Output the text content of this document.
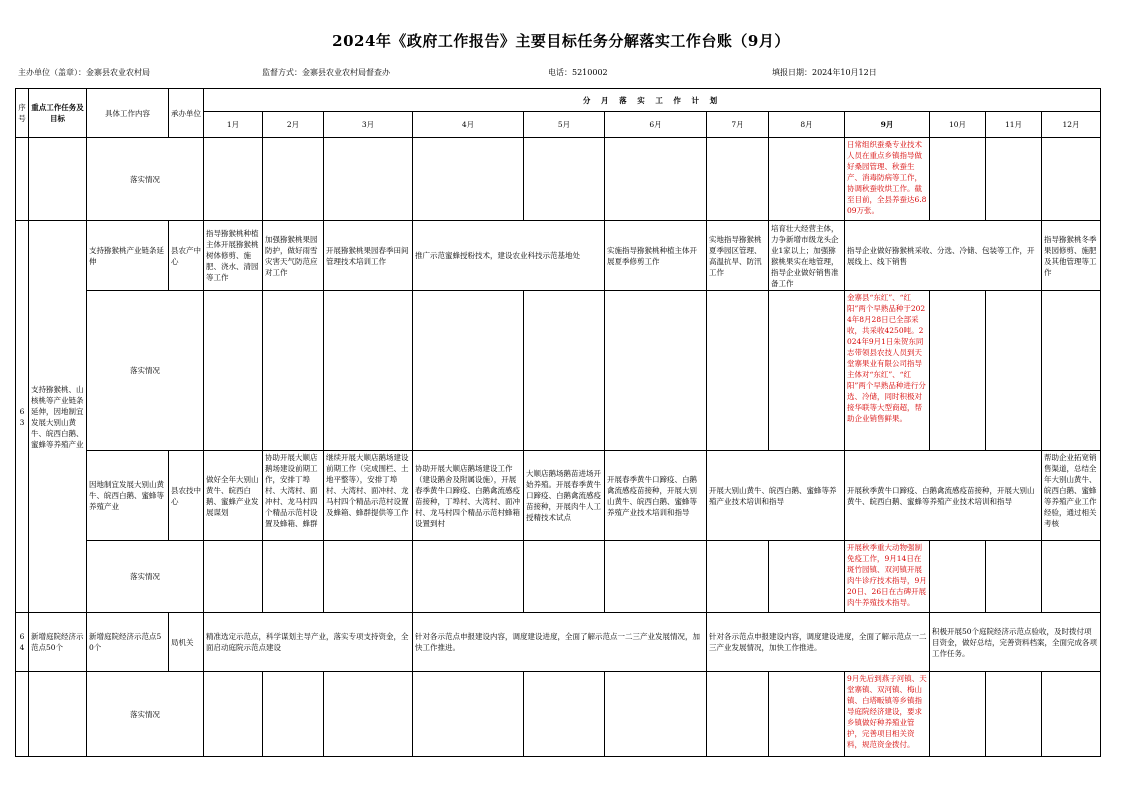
2024年《政府工作报告》主要目标任务分解落实工作台账（9月）
主办单位（盖章）：金寨县农业农村局	监督方式：金寨县农业农村局督查办	电话：5210002	填报日期：2024年10月12日
序号	重点工作任务及目标	具体工作内容	承办单位	分 月 落 实 工 作 计 划											
				1月	2月	3月	4月	5月	6月	7月	8月	9月	10月	11月	12月
		落实情况										日常组织蚕桑专业技术人员在重点乡镇指导做好桑园管理、秋蚕生产、消毒防病等工作，协调秋蚕收烘工作。截至目前，全县养蚕达6.809万张。			
63	支持猕猴桃、山核桃等产业链条延伸，因地制宜发展大别山黄牛、皖西白鹅、蜜蜂等养殖产业	支持猕猴桃产业链条延伸	县农产中心	指导猕猴桃种植主体开展猕猴桃树体修剪、施肥、浇水、清园等工作	加强猕猴桃果园防护，做好雨雪灾害天气防范应对工作	开展猕猴桃果园春季田间管理技术培训工作	推广示范蜜蜂授粉技术，建设农业科技示范基地处		实施指导猕猴桃种植主体开展夏季修剪工作	实地指导猕猴桃夏季园区管理、高温抗旱、防汛工作	培育壮大经营主体，力争新增市级龙头企业1家以上；加强猕猴桃果实在地管理，指导企业做好销售准备工作	指导企业做好猕猴桃采收、分选、冷储、包装等工作，开展线上、线下销售			指导猕猴桃冬季果园修剪、施肥及其他管理等工作
		落实情况										金寨县“东红”、“红阳”两个早熟品种于2024年8月28日已全部采收，共采收4250吨。2024年9月1日朱贺东同志带领县农技人员到天堂寨果业有限公司指导主体对“东红”、“红阳”两个早熟品种进行分选、冷储，同时积极对接华联等大型商超，帮助企业销售鲜果。			
		因地制宜发展大别山黄牛、皖西白鹅、蜜蜂等养殖产业	县农技中心	做好全年大别山黄牛、皖西白鹅、蜜蜂产业发展谋划	协助开展大顺店鹅场建设前期工作，安排丁埠村、大湾村、面冲村、龙马村四个精品示范村设置及蜂箱、蜂群	继续开展大顺店鹅场建设前期工作（完成围栏、土地平整等），安排丁埠村、大湾村、面冲村、龙马村四个精品示范村设置及蜂箱、蜂群提供等工作	协助开展大顺店鹅场建设工作（建设鹅舍及附属设施），开展春季黄牛口蹄疫、白鹅禽流感疫苗接种，丁埠村、大湾村、面冲村、龙马村四个精品示范村蜂箱设置到村	大顺店鹅场鹅苗进场开始养殖。开展春季黄牛口蹄疫、白鹅禽流感疫苗接种，开展肉牛人工授精技术试点	开展春季黄牛口蹄疫、白鹅禽流感疫苗接种，开展大别山黄牛、皖西白鹅、蜜蜂等养殖产业技术培训和指导	开展大别山黄牛、皖西白鹅、蜜蜂等养殖产业技术培训和指导		开展秋季黄牛口蹄疫、白鹅禽流感疫苗接种，开展大别山黄牛、皖西白鹅、蜜蜂等养殖产业技术培训和指导			帮助企业拓宽销售渠道，总结全年大别山黄牛、皖西白鹅、蜜蜂等养殖产业工作经验，通过相关考核
		落实情况										开展秋季重大动物强制免疫工作，9月14日在斑竹园镇、双河镇开展肉牛诊疗技术指导，9月20日、26日在古碑开展肉牛养殖技术指导。			
64	新增庭院经济示范点50个	新增庭院经济示范点50个	局机关	精准选定示范点，科学谋划主导产业，落实专项支持资金，全面启动庭院示范点建设			针对各示范点申报建设内容，调度建设进度，全面了解示范点一二三产业发展情况，加快工作推进。			针对各示范点申报建设内容，调度建设进度，全面了解示范点一二三产业发展情况，加快工作推进。			积极开展50个庭院经济示范点验收，及时拨付项目资金，做好总结，完善资料档案，全面完成各项工作任务。		
		落实情况										9月先后到燕子河镇、天堂寨镇、双河镇、梅山镇、白塔畈镇等乡镇指导庭院经济建设，要求乡镇做好种养殖业管护，完善项目相关资料，规范资金拨付。			
